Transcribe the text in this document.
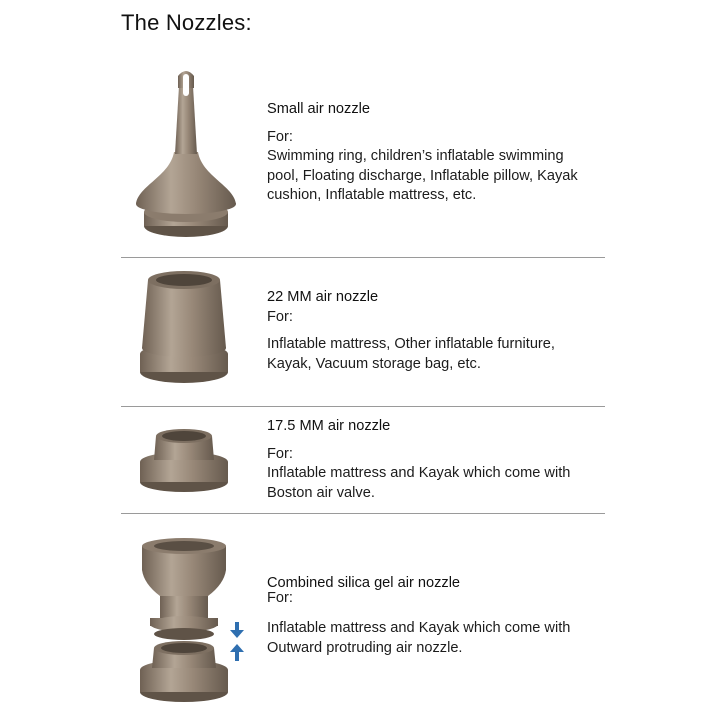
The Nozzles:
Small air nozzle
For:
Swimming ring, children’s inflatable swimming
pool, Floating discharge, Inflatable pillow, Kayak
cushion, Inflatable mattress, etc.
22 MM air nozzle
For:
Inflatable mattress, Other inflatable furniture,
Kayak, Vacuum storage bag, etc.
17.5 MM air nozzle
For:
Inflatable mattress and Kayak which come with
Boston air valve.
Combined silica gel air nozzle
For:
Inflatable mattress and Kayak which come with
Outward protruding air nozzle.
